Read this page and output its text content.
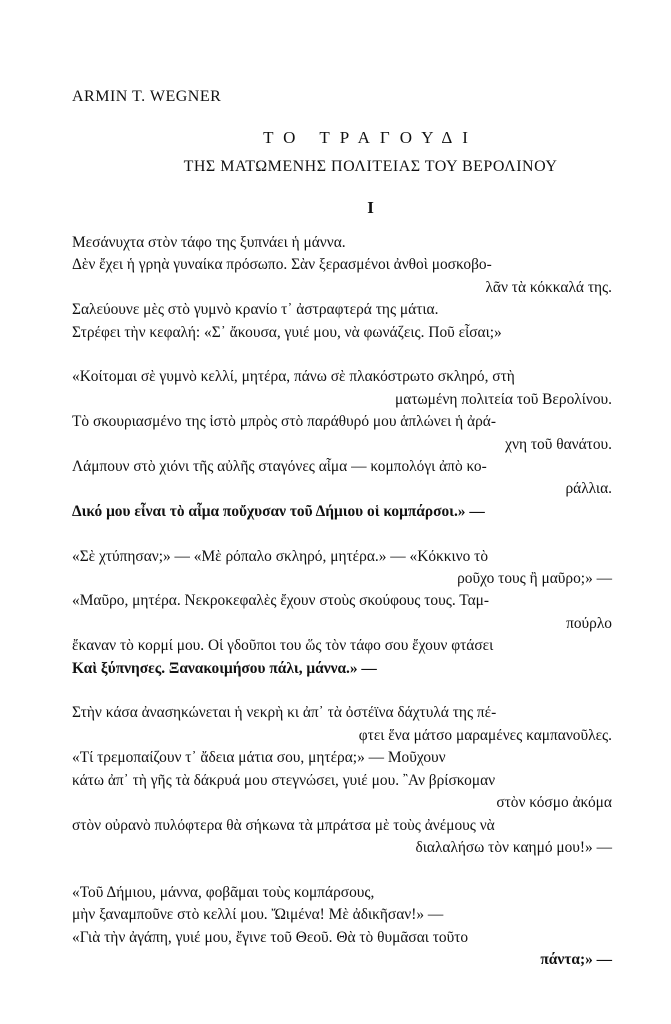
ARMIN T. WEGNER
ΤΟ ΤΡΑΓΟΥΔΙ
ΤΗΣ ΜΑΤΩΜΕΝΗΣ ΠΟΛΙΤΕΙΑΣ ΤΟΥ ΒΕΡΟΛΙΝΟΥ
Ι
Μεσάνυχτα στὸν τάφο της ξυπνάει ἡ μάννα.
Δὲν ἔχει ἡ γρηὰ γυναίκα πρόσωπο. Σὰν ξερασμένοι ἀνθοὶ μοσκοβο-
λᾶν τὰ κόκκαλά της.
Σαλεύουνε μὲς στὸ γυμνὸ κρανίο τ᾽ ἀστραφτερά της μάτια.
Στρέφει τὴν κεφαλή: «Σ᾽ ἄκουσα, γυιέ μου, νὰ φωνάζεις. Ποῦ εἶσαι;»
«Κοίτομαι σὲ γυμνὸ κελλί, μητέρα, πάνω σὲ πλακόστρωτο σκληρό, στὴ
ματωμένη πολιτεία τοῦ Βερολίνου.
Τὸ σκουριασμένο της ἱστὸ μπρὸς στὸ παράθυρό μου ἁπλώνει ἡ ἀρά-
χνη τοῦ θανάτου.
Λάμπουν στὸ χιόνι τῆς αὐλῆς σταγόνες αἷμα — κομπολόγι ἀπὸ κο-
ράλλια.
Δικό μου εἶναι τὸ αἷμα ποὔχυσαν τοῦ Δήμιου οἱ κομπάρσοι.» —
«Σὲ χτύπησαν;» — «Μὲ ρόπαλο σκληρό, μητέρα.» — «Κόκκινο τὸ
ροῦχο τους ἢ μαῦρο;» —
«Μαῦρο, μητέρα. Νεκροκεφαλὲς ἔχουν στοὺς σκούφους τους. Ταμ-
πούρλο
ἔκαναν τὸ κορμί μου. Οἱ γδοῦποι του ὥς τὸν τάφο σου ἔχουν φτάσει
Καὶ ξύπνησες. Ξανακοιμήσου πάλι, μάννα.» —
Στὴν κάσα ἀνασηκώνεται ἡ νεκρὴ κι ἀπ᾽ τὰ ὀστέϊνα δάχτυλά της πέ-
φτει ἕνα μάτσο μαραμένες καμπανοῦλες.
«Τί τρεμοπαίζουν τ᾽ ἄδεια μάτια σου, μητέρα;» — Μοῦχουν
κάτω ἀπ᾽ τὴ γῆς τὰ δάκρυά μου στεγνώσει, γυιέ μου. ῍Αν βρίσκομαν
στὸν κόσμο ἀκόμα
στὸν οὐρανὸ πυλόφτερα θὰ σήκωνα τὰ μπράτσα μὲ τοὺς ἀνέμους νὰ
διαλαλήσω τὸν καημό μου!» —
«Τοῦ Δήμιου, μάννα, φοβᾶμαι τοὺς κομπάρσους,
μὴν ξαναμποῦνε στὸ κελλί μου. Ὤιμένα! Μὲ ἀδικῆσαν!» —
«Γιὰ τὴν ἀγάπη, γυιέ μου, ἔγινε τοῦ Θεοῦ. Θὰ τὸ θυμᾶσαι τοῦτο
πάντα;» —
